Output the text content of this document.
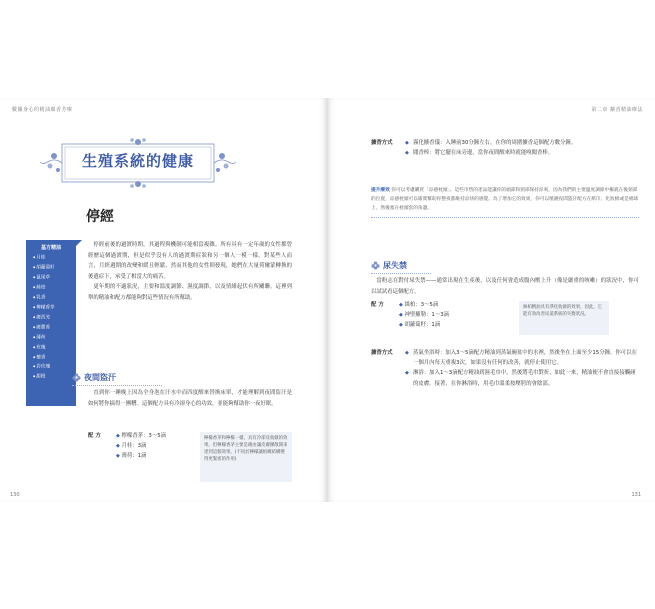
數據身心的精油顏香芳療
生殖系統的健康
停經
基方精油
◆ 月桂
◆ 胡蘿蔔籽
◆ 鼠尾草
◆ 絲柏
◆ 乳香
◆ 檸檬香茅
◆ 廣西羌
◆ 廣藿香
◆ 薄荷
◆ 玫瑰
◆ 檀香
◆ 岩玫瑰
◆ 甜橙

停經前後的過渡時期，其過程與機制可能相當複雜。所有具有一定年歲的女性都曾經歷這個過渡期，但是似乎沒有人的過渡期症狀和另一個人一模一樣。對某些人而言，月經週期的改變和緩且輕鬆，然而其他的女性則發現，她們在大量荷爾蒙轉換的後遺症下，承受了相當大的痛苦。

更年期的不適狀況，主要和溫度調節、濕度調節，以及情緒起伏有所關聯。這裡列舉的精油和配方都能夠對這些情況有所幫助。

夜間盜汗

直到你一睡晚上因為全身泡在汗水中而四度醒來替換床單，才能理解到夜間盜汗是如何將你搞得一團糟。這個配方具有冷卻身心的功效，並能夠幫助你一夜好眠。

配方	◆ 檸檬香茅：3～5滴
◆ 月桂：3滴
◆ 薄荷：1滴
檸檬香茅和檸檬一樣，具有冷卻及收斂的效果，但檸檬香茅主要是藉由讓皮膚擴散開來達到這個效果。(不同於檸檬讓組織結構變得更緊密的作用)
130
第二章 擴香精油療法
擴香方式 ◆ 霧化擴香儀：入睡前30分鐘左右，在你的周圍擴香這個配方數分鐘。
◆ 聞香棒：將它擺在床旁邊，當你夜間醒來時就能嗅聞香棒。
提升療效 你可以考慮購買「涼感枕頭」。這些市售的產品能讓你的頭部和頸部保持涼爽，因為我們的主要溫度調節中樞就在後頸部的位置，涼感枕頭可以確實幫助你整夜都維持涼快的感覺。為了增加它的效果，你可以噴灑夜間盜汗配方在紙巾、化妝棉或是棉球上，然後塞在枕頭套的角邊。
尿失禁

當粉志在對付尿失禁——通常出現在生產後，以及任何會造成腹內壓上升（像是嚴重的咳嗽）的狀況中，你可以試試看這個配方。

配方	◆ 絲柏：3～5滴
◆ 神聖羅勒：1～3滴
◆ 胡蘿蔔籽：1滴
絲柏精油具有淨化收斂的效果，因此，它能有效改善尿道系統的失衡狀況。
擴香方式 ◆ 蒸氣坐浴時：加入3～5滴配方精油到蒸氣碗盆中的水裡，然後坐在上面至少15分鐘。你可以在一個月內每天重複3次，如果沒有任何的改善，就停止使用它。
◆ 淋浴：加入1～3滴配方精油到濕毛巾中，然後將毛巾對折，如此一來，精油便不會直接接觸碰的皮膚。接著，在你淋浴時，用毛巾溫柔按壓胯的會陰部。
131
